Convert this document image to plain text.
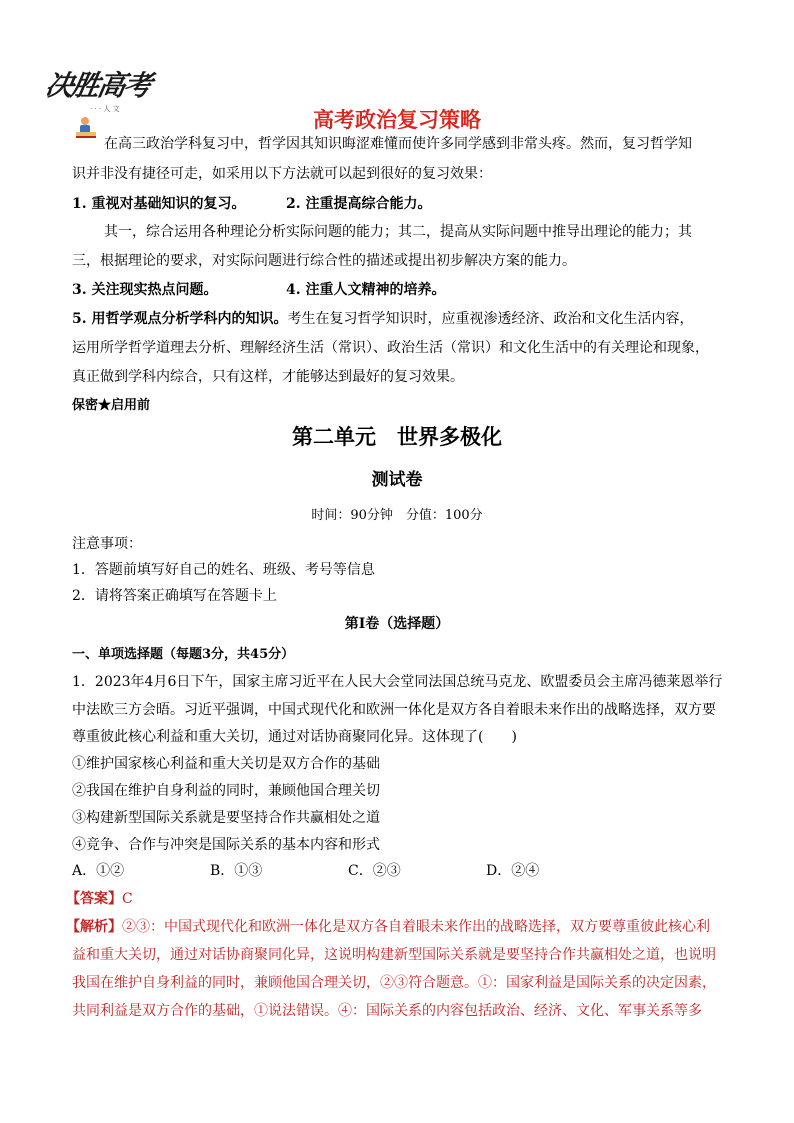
决胜高考
· · · 人 文	高考政治复习策略
在高三政治学科复习中，哲学因其知识晦涩难懂而使许多同学感到非常头疼。然而，复习哲学知
识并非没有捷径可走，如采用以下方法就可以起到很好的复习效果：
1. 重视对基础知识的复习。	2. 注重提高综合能力。
其一，综合运用各种理论分析实际问题的能力；其二，提高从实际问题中推导出理论的能力；其
三，根据理论的要求，对实际问题进行综合性的描述或提出初步解决方案的能力。
3. 关注现实热点问题。	4. 注重人文精神的培养。
5. 用哲学观点分析学科内的知识。考生在复习哲学知识时，应重视渗透经济、政治和文化生活内容，
运用所学哲学道理去分析、理解经济生活（常识）、政治生活（常识）和文化生活中的有关理论和现象，
真正做到学科内综合，只有这样，才能够达到最好的复习效果。
保密★启用前
第二单元　世界多极化
测试卷
时间：90分钟　分值：100分
注意事项：
1．答题前填写好自己的姓名、班级、考号等信息
2．请将答案正确填写在答题卡上
第I卷（选择题）
一、单项选择题（每题3分，共45分）
1．2023年4月6日下午，国家主席习近平在人民大会堂同法国总统马克龙、欧盟委员会主席冯德莱恩举行
中法欧三方会晤。习近平强调，中国式现代化和欧洲一体化是双方各自着眼未来作出的战略选择，双方要
尊重彼此核心利益和重大关切，通过对话协商聚同化异。这体现了(　　)
①维护国家核心利益和重大关切是双方合作的基础
②我国在维护自身利益的同时，兼顾他国合理关切
③构建新型国际关系就是要坚持合作共赢相处之道
④竞争、合作与冲突是国际关系的基本内容和形式
A．①②	B．①③	C．②③	D．②④
【答案】C
【解析】②③：中国式现代化和欧洲一体化是双方各自着眼未来作出的战略选择，双方要尊重彼此核心利
益和重大关切，通过对话协商聚同化异，这说明构建新型国际关系就是要坚持合作共赢相处之道，也说明
我国在维护自身利益的同时，兼顾他国合理关切，②③符合题意。①：国家利益是国际关系的决定因素，
共同利益是双方合作的基础，①说法错误。④：国际关系的内容包括政治、经济、文化、军事关系等多
